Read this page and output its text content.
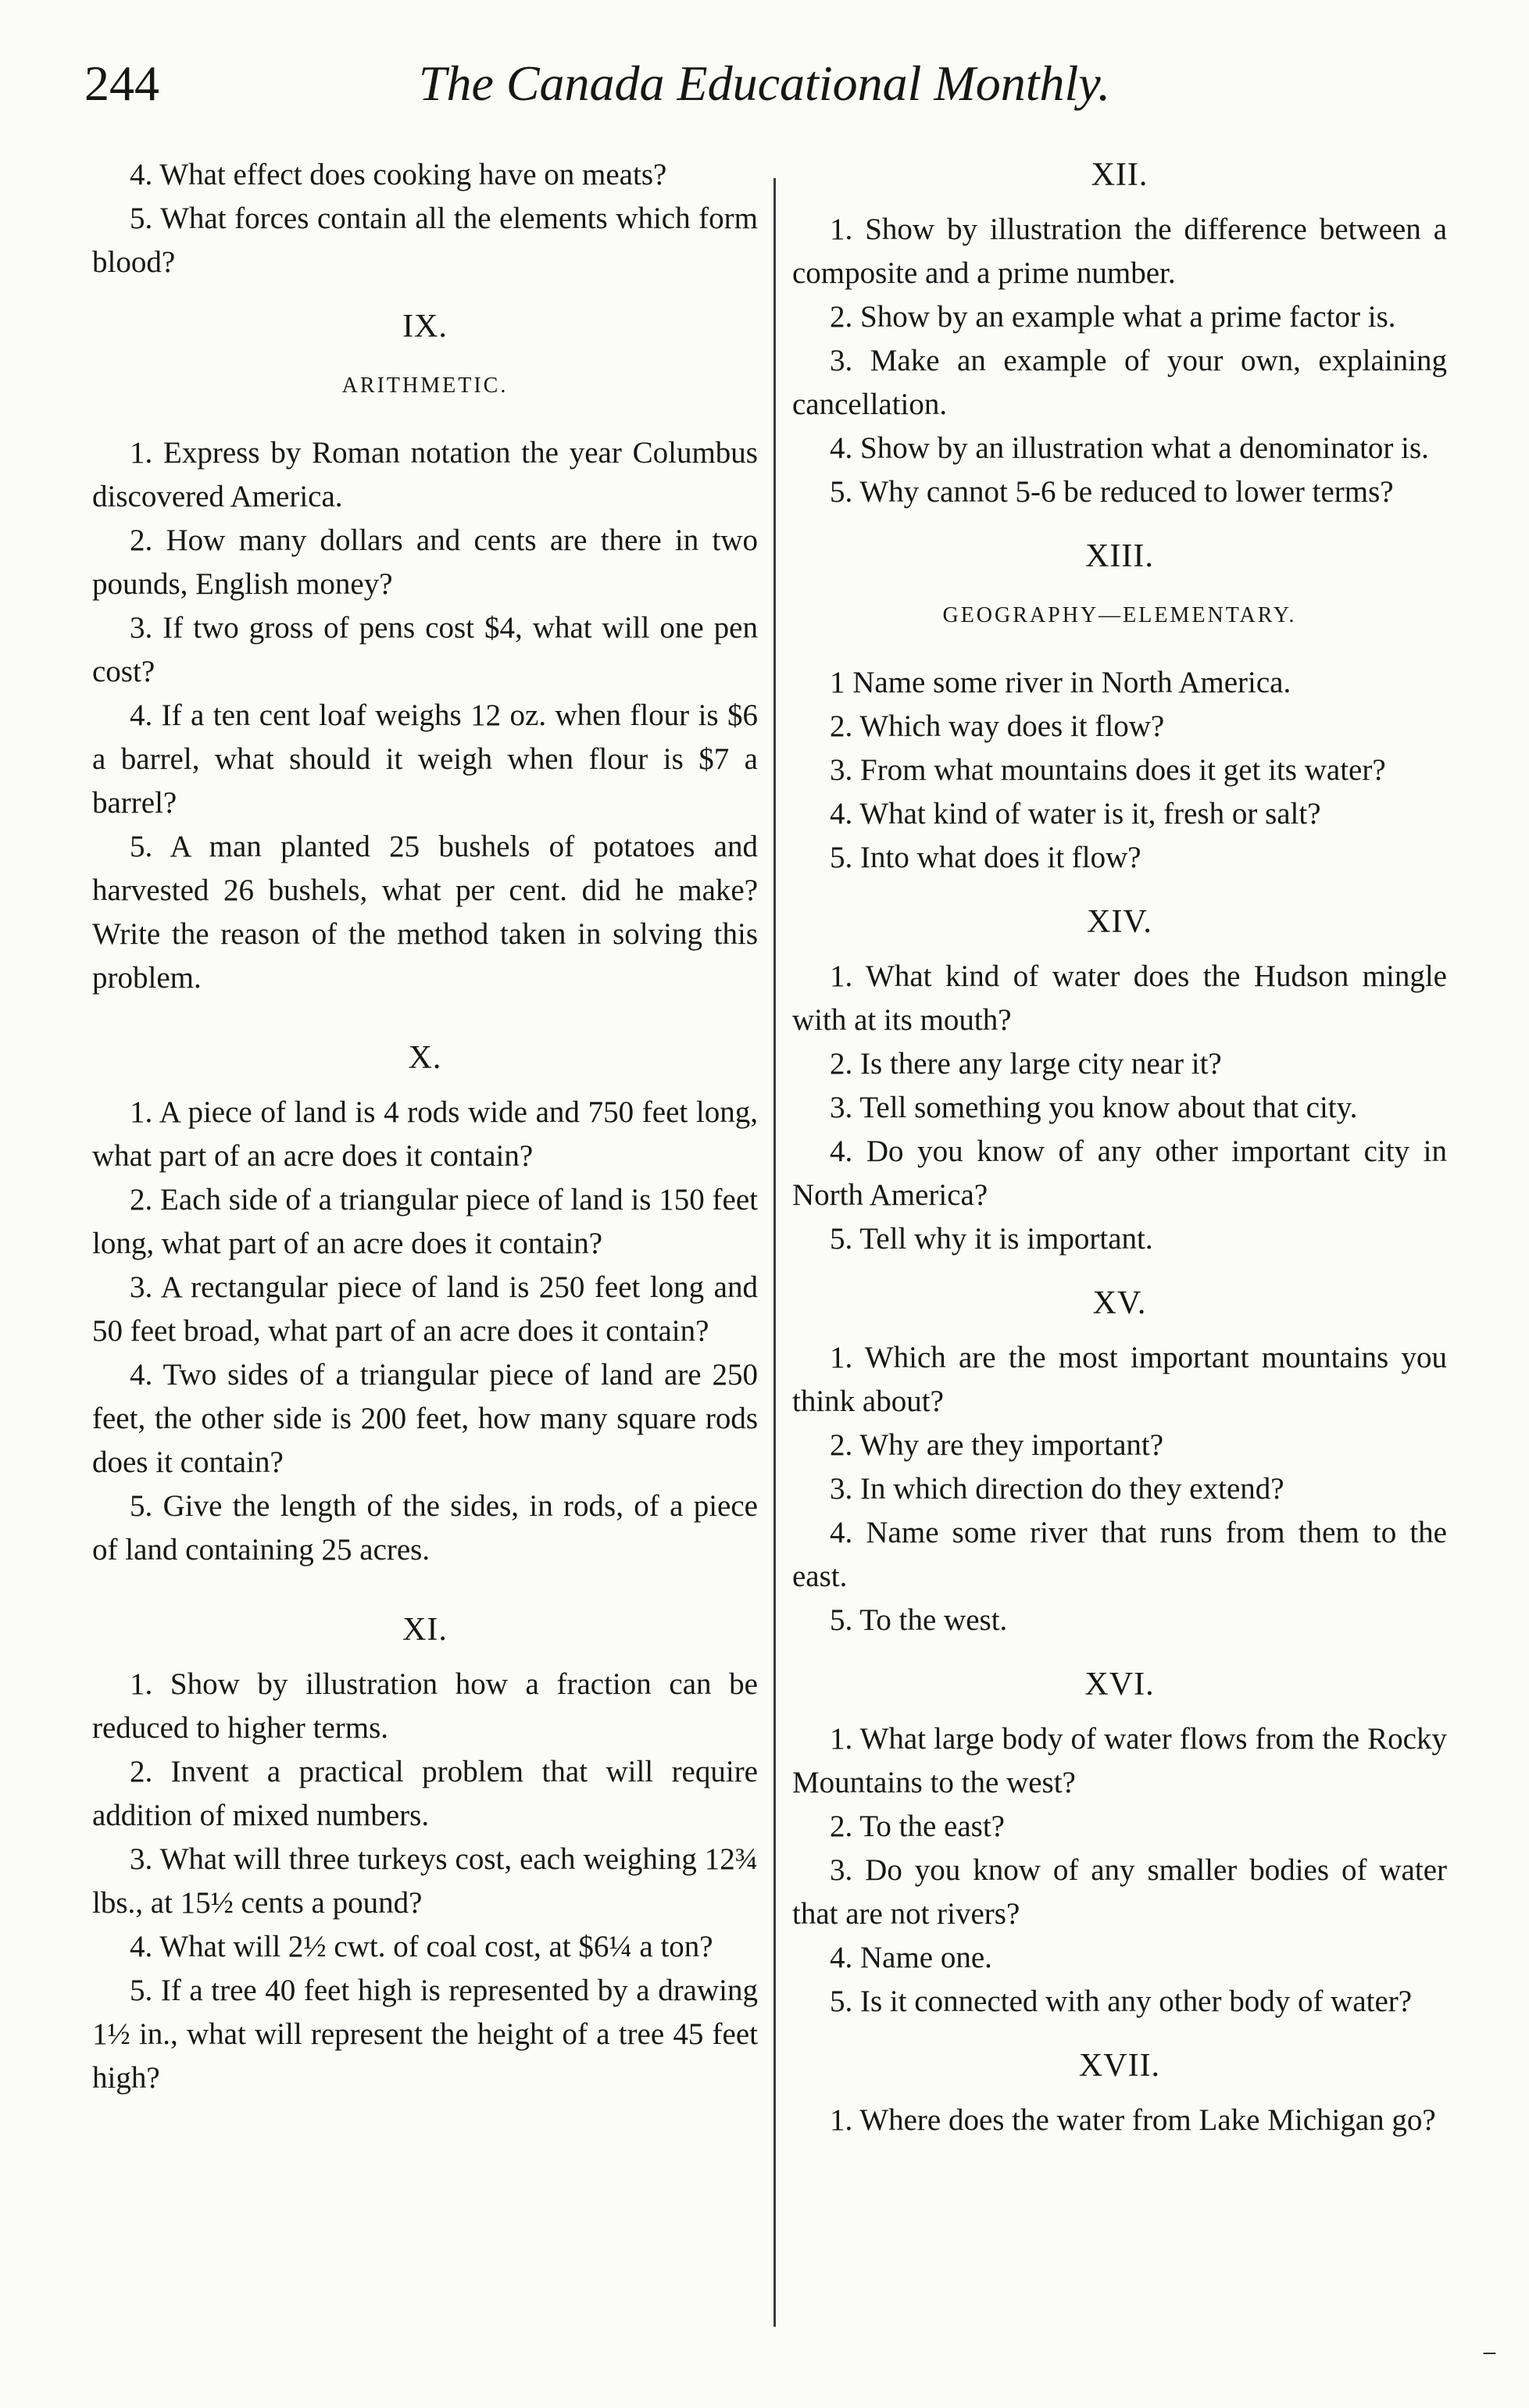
244	The Canada Educational Monthly.

4. What effect does cooking have on meats?

5. What forces contain all the elements which form blood?

IX.
ARITHMETIC.

1. Express by Roman notation the year Columbus discovered America.

2. How many dollars and cents are there in two pounds, English money?

3. If two gross of pens cost $4, what will one pen cost?

4. If a ten cent loaf weighs 12 oz. when flour is $6 a barrel, what should it weigh when flour is $7 a barrel?

5. A man planted 25 bushels of potatoes and harvested 26 bushels, what per cent. did he make? Write the reason of the method taken in solving this problem.

X.

1. A piece of land is 4 rods wide and 750 feet long, what part of an acre does it contain?

2. Each side of a triangular piece of land is 150 feet long, what part of an acre does it contain?

3. A rectangular piece of land is 250 feet long and 50 feet broad, what part of an acre does it contain?

4. Two sides of a triangular piece of land are 250 feet, the other side is 200 feet, how many square rods does it contain?

5. Give the length of the sides, in rods, of a piece of land containing 25 acres.

XI.

1. Show by illustration how a fraction can be reduced to higher terms.

2. Invent a practical problem that will require addition of mixed numbers.

3. What will three turkeys cost, each weighing 12¾ lbs., at 15½ cents a pound?

4. What will 2½ cwt. of coal cost, at $6¼ a ton?

5. If a tree 40 feet high is represented by a drawing 1½ in., what will represent the height of a tree 45 feet high?

XII.

1. Show by illustration the difference between a composite and a prime number.

2. Show by an example what a prime factor is.

3. Make an example of your own, explaining cancellation.

4. Show by an illustration what a denominator is.

5. Why cannot 5-6 be reduced to lower terms?

XIII.
GEOGRAPHY—ELEMENTARY.

1 Name some river in North America.

2. Which way does it flow?

3. From what mountains does it get its water?

4. What kind of water is it, fresh or salt?

5. Into what does it flow?

XIV.

1. What kind of water does the Hudson mingle with at its mouth?

2. Is there any large city near it?

3. Tell something you know about that city.

4. Do you know of any other important city in North America?

5. Tell why it is important.

XV.

1. Which are the most important mountains you think about?

2. Why are they important?

3. In which direction do they extend?

4. Name some river that runs from them to the east.

5. To the west.

XVI.

1. What large body of water flows from the Rocky Mountains to the west?

2. To the east?

3. Do you know of any smaller bodies of water that are not rivers?

4. Name one.

5. Is it connected with any other body of water?

XVII.

1. Where does the water from Lake Michigan go?

⁻
